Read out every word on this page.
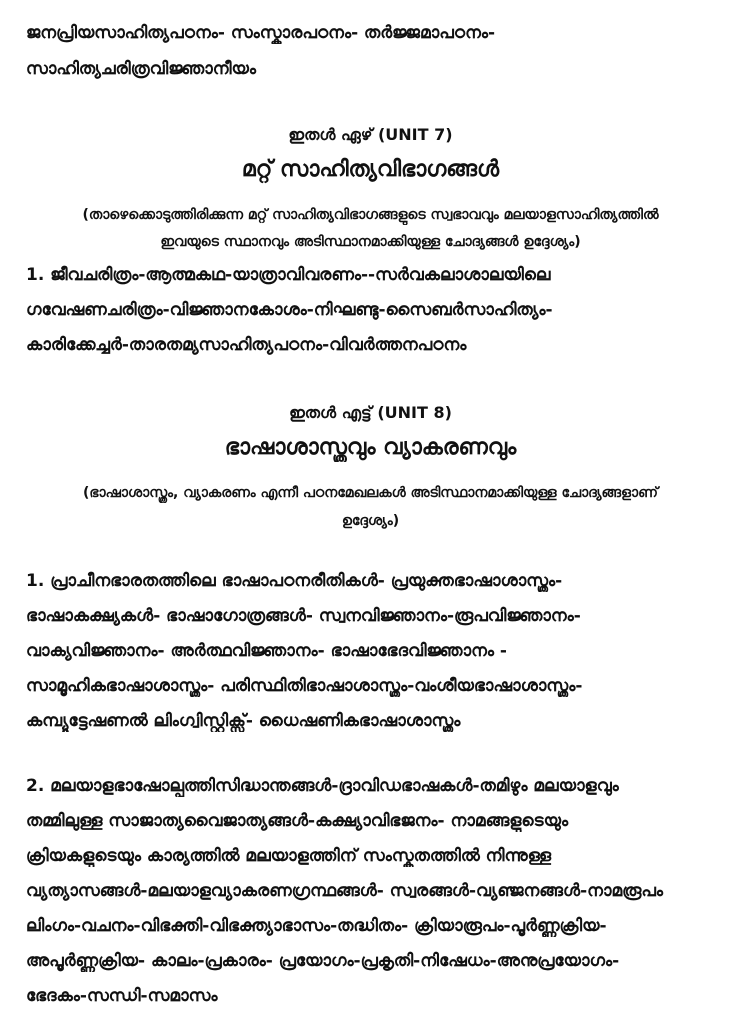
ജനപ്രിയസാഹിത്യപഠനം- സംസ്കാരപഠനം- തർജ്ജമാപഠനം-
സാഹിത്യചരിത്രവിജ്ഞാനീയം
ഇതൾ ഏഴ് (UNIT 7)
മറ്റ് സാഹിത്യവിഭാഗങ്ങൾ
(താഴെക്കൊടുത്തിരിക്കുന്ന മറ്റ് സാഹിത്യവിഭാഗങ്ങളുടെ സ്വഭാവവും മലയാളസാഹിത്യത്തിൽ
ഇവയുടെ സ്ഥാനവും അടിസ്ഥാനമാക്കിയുള്ള ചോദ്യങ്ങൾ ഉദ്ദേശ്യം)
1. ജീവചരിത്രം-ആത്മകഥ-യാത്രാവിവരണം--സർവകലാശാലയിലെ
ഗവേഷണചരിത്രം-വിജ്ഞാനകോശം-നിഘണ്ടു-സൈബർസാഹിത്യം-
കാരിക്കേച്ചർ-താരതമ്യസാഹിത്യപഠനം-വിവർത്തനപഠനം
ഇതൾ എട്ട് (UNIT 8)
ഭാഷാശാസ്ത്രവും വ്യാകരണവും
(ഭാഷാശാസ്ത്രം, വ്യാകരണം എന്നീ പഠനമേഖലകൾ അടിസ്ഥാനമാക്കിയുള്ള ചോദ്യങ്ങളാണ്
ഉദ്ദേശ്യം)
1. പ്രാചീനഭാരതത്തിലെ ഭാഷാപഠനരീതികൾ- പ്രയുക്തഭാഷാശാസ്ത്രം-
ഭാഷാകക്ഷ്യകൾ- ഭാഷാഗോത്രങ്ങൾ- സ്വനവിജ്ഞാനം-രൂപവിജ്ഞാനം-
വാക്യവിജ്ഞാനം- അർത്ഥവിജ്ഞാനം- ഭാഷാഭേദവിജ്ഞാനം -
സാമൂഹികഭാഷാശാസ്ത്രം- പരിസ്ഥിതിഭാഷാശാസ്ത്രം-വംശീയഭാഷാശാസ്ത്രം-
കമ്പ്യൂട്ടേഷണൽ ലിംഗ്വിസ്റ്റിക്സ്- ധൈഷണികഭാഷാശാസ്ത്രം
2. മലയാളഭാഷോല്പത്തിസിദ്ധാന്തങ്ങൾ-ദ്രാവിഡഭാഷകൾ-തമിഴും മലയാളവും
തമ്മിലുള്ള സാജാത്യവൈജാത്യങ്ങൾ-കക്ഷ്യാവിഭജനം- നാമങ്ങളുടെയും
ക്രിയകളുടെയും കാര്യത്തിൽ മലയാളത്തിന് സംസ്കൃതത്തിൽ നിന്നുള്ള
വ്യത്യാസങ്ങൾ-മലയാളവ്യാകരണഗ്രന്ഥങ്ങൾ- സ്വരങ്ങൾ-വ്യഞ്ജനങ്ങൾ-നാമരൂപം
ലിംഗം-വചനം-വിഭക്തി-വിഭക്ത്യാഭാസം-തദ്ധിതം- ക്രിയാരൂപം-പൂർണ്ണക്രിയ-
അപൂർണ്ണക്രിയ- കാലം-പ്രകാരം- പ്രയോഗം-പ്രകൃതി-നിഷേധം-അനുപ്രയോഗം-
ഭേദകം-സന്ധി-സമാസം
